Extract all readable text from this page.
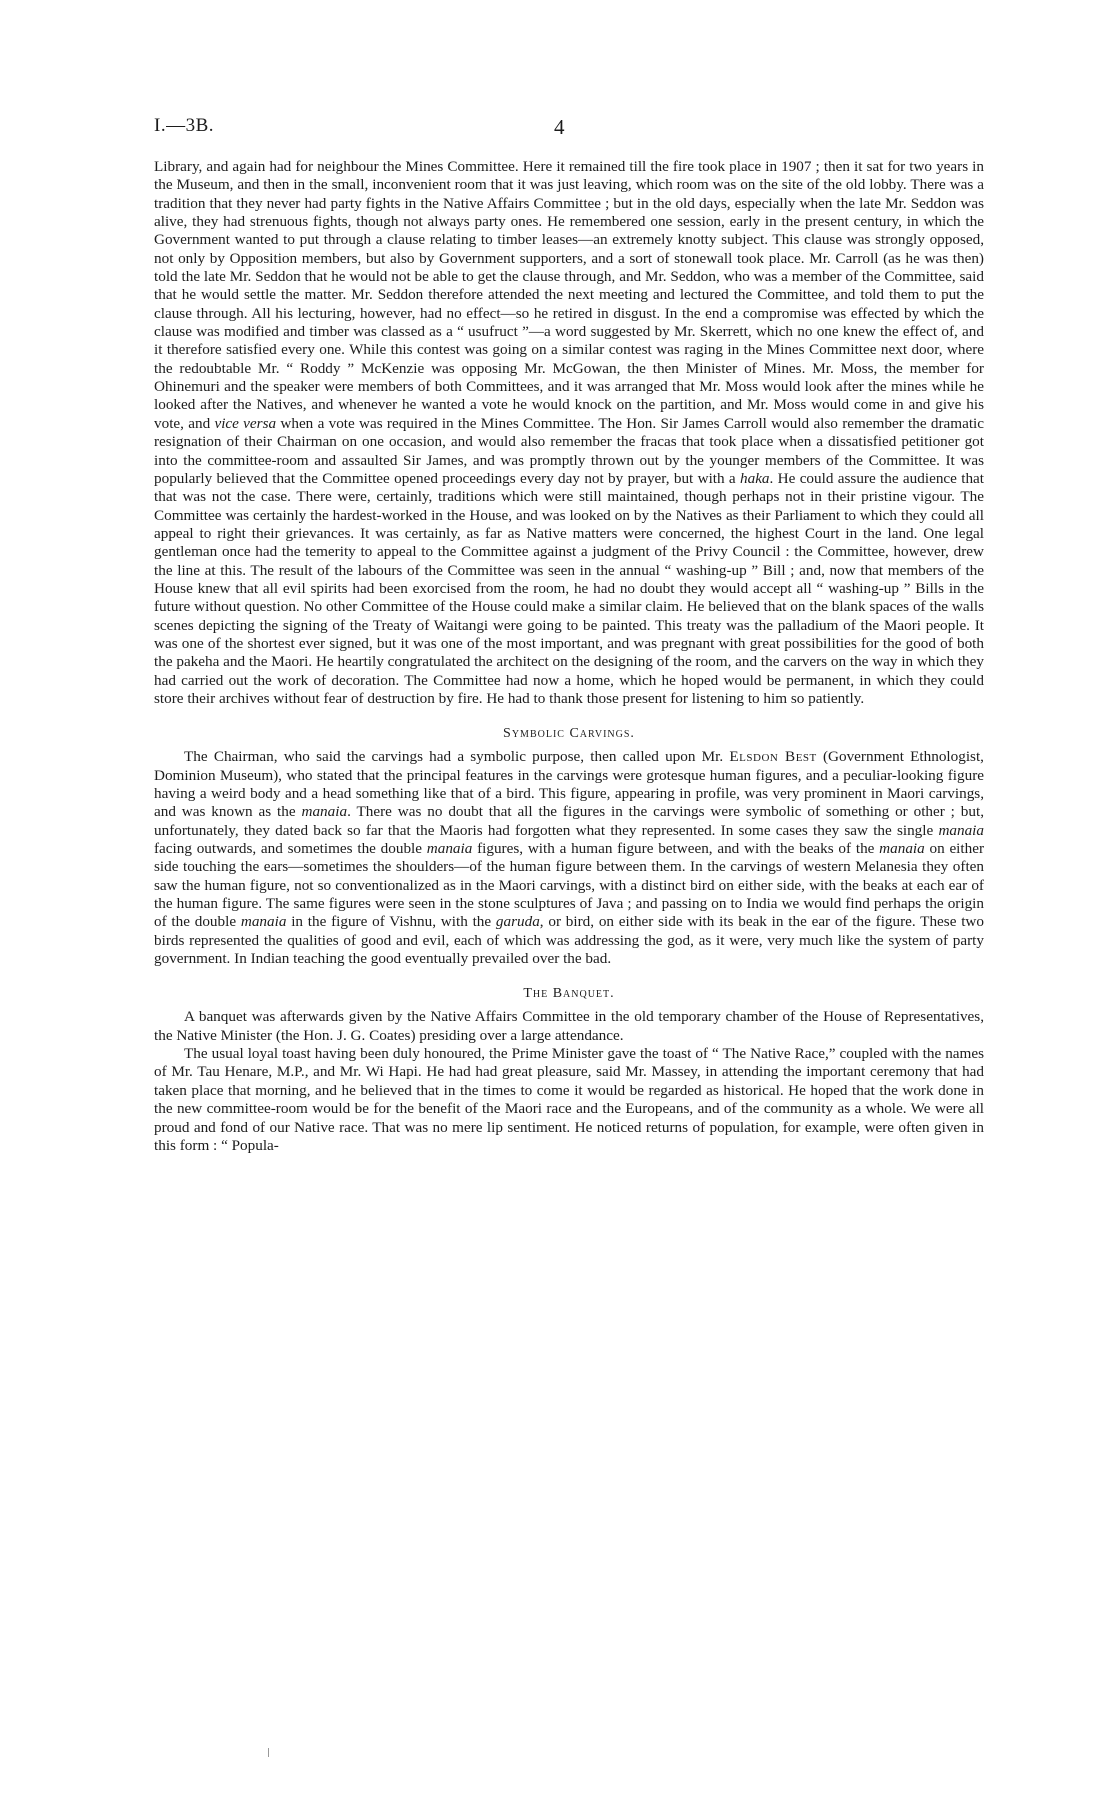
I.—3B.	4

Library, and again had for neighbour the Mines Committee. Here it remained till the fire took place in 1907 ; then it sat for two years in the Museum, and then in the small, inconvenient room that it was just leaving, which room was on the site of the old lobby. There was a tradition that they never had party fights in the Native Affairs Committee ; but in the old days, especially when the late Mr. Seddon was alive, they had strenuous fights, though not always party ones. He remembered one session, early in the present century, in which the Government wanted to put through a clause relating to timber leases—an extremely knotty subject. This clause was strongly opposed, not only by Opposition members, but also by Government supporters, and a sort of stonewall took place. Mr. Carroll (as he was then) told the late Mr. Seddon that he would not be able to get the clause through, and Mr. Seddon, who was a member of the Committee, said that he would settle the matter. Mr. Seddon therefore attended the next meeting and lectured the Committee, and told them to put the clause through. All his lecturing, however, had no effect—so he retired in disgust. In the end a compromise was effected by which the clause was modified and timber was classed as a “ usufruct ”—a word suggested by Mr. Skerrett, which no one knew the effect of, and it therefore satisfied every one. While this contest was going on a similar contest was raging in the Mines Committee next door, where the redoubtable Mr. “ Roddy ” McKenzie was opposing Mr. McGowan, the then Minister of Mines. Mr. Moss, the member for Ohinemuri and the speaker were members of both Committees, and it was arranged that Mr. Moss would look after the mines while he looked after the Natives, and whenever he wanted a vote he would knock on the partition, and Mr. Moss would come in and give his vote, and vice versa when a vote was required in the Mines Committee. The Hon. Sir James Carroll would also remember the dramatic resignation of their Chairman on one occasion, and would also remember the fracas that took place when a dissatisfied petitioner got into the committee-room and assaulted Sir James, and was promptly thrown out by the younger members of the Committee. It was popularly believed that the Committee opened proceedings every day not by prayer, but with a haka. He could assure the audience that that was not the case. There were, certainly, traditions which were still maintained, though perhaps not in their pristine vigour. The Committee was certainly the hardest-worked in the House, and was looked on by the Natives as their Parliament to which they could all appeal to right their grievances. It was certainly, as far as Native matters were concerned, the highest Court in the land. One legal gentleman once had the temerity to appeal to the Committee against a judgment of the Privy Council : the Committee, however, drew the line at this. The result of the labours of the Committee was seen in the annual “ washing-up ” Bill ; and, now that members of the House knew that all evil spirits had been exorcised from the room, he had no doubt they would accept all “ washing-up ” Bills in the future without question. No other Committee of the House could make a similar claim. He believed that on the blank spaces of the walls scenes depicting the signing of the Treaty of Waitangi were going to be painted. This treaty was the palladium of the Maori people. It was one of the shortest ever signed, but it was one of the most important, and was pregnant with great possibilities for the good of both the pakeha and the Maori. He heartily congratulated the architect on the designing of the room, and the carvers on the way in which they had carried out the work of decoration. The Committee had now a home, which he hoped would be permanent, in which they could store their archives without fear of destruction by fire. He had to thank those present for listening to him so patiently.

Symbolic Carvings.

The Chairman, who said the carvings had a symbolic purpose, then called upon Mr. Elsdon Best (Government Ethnologist, Dominion Museum), who stated that the principal features in the carvings were grotesque human figures, and a peculiar-looking figure having a weird body and a head something like that of a bird. This figure, appearing in profile, was very prominent in Maori carvings, and was known as the manaia. There was no doubt that all the figures in the carvings were symbolic of something or other ; but, unfortunately, they dated back so far that the Maoris had forgotten what they represented. In some cases they saw the single manaia facing outwards, and sometimes the double manaia figures, with a human figure between, and with the beaks of the manaia on either side touching the ears—sometimes the shoulders—of the human figure between them. In the carvings of western Melanesia they often saw the human figure, not so conventionalized as in the Maori carvings, with a distinct bird on either side, with the beaks at each ear of the human figure. The same figures were seen in the stone sculptures of Java ; and passing on to India we would find perhaps the origin of the double manaia in the figure of Vishnu, with the garuda, or bird, on either side with its beak in the ear of the figure. These two birds represented the qualities of good and evil, each of which was addressing the god, as it were, very much like the system of party government. In Indian teaching the good eventually prevailed over the bad.

The Banquet.

A banquet was afterwards given by the Native Affairs Committee in the old temporary chamber of the House of Representatives, the Native Minister (the Hon. J. G. Coates) presiding over a large attendance.

The usual loyal toast having been duly honoured, the Prime Minister gave the toast of “ The Native Race,” coupled with the names of Mr. Tau Henare, M.P., and Mr. Wi Hapi. He had had great pleasure, said Mr. Massey, in attending the important ceremony that had taken place that morning, and he believed that in the times to come it would be regarded as historical. He hoped that the work done in the new committee-room would be for the benefit of the Maori race and the Europeans, and of the community as a whole. We were all proud and fond of our Native race. That was no mere lip sentiment. He noticed returns of population, for example, were often given in this form : “ Popula-
